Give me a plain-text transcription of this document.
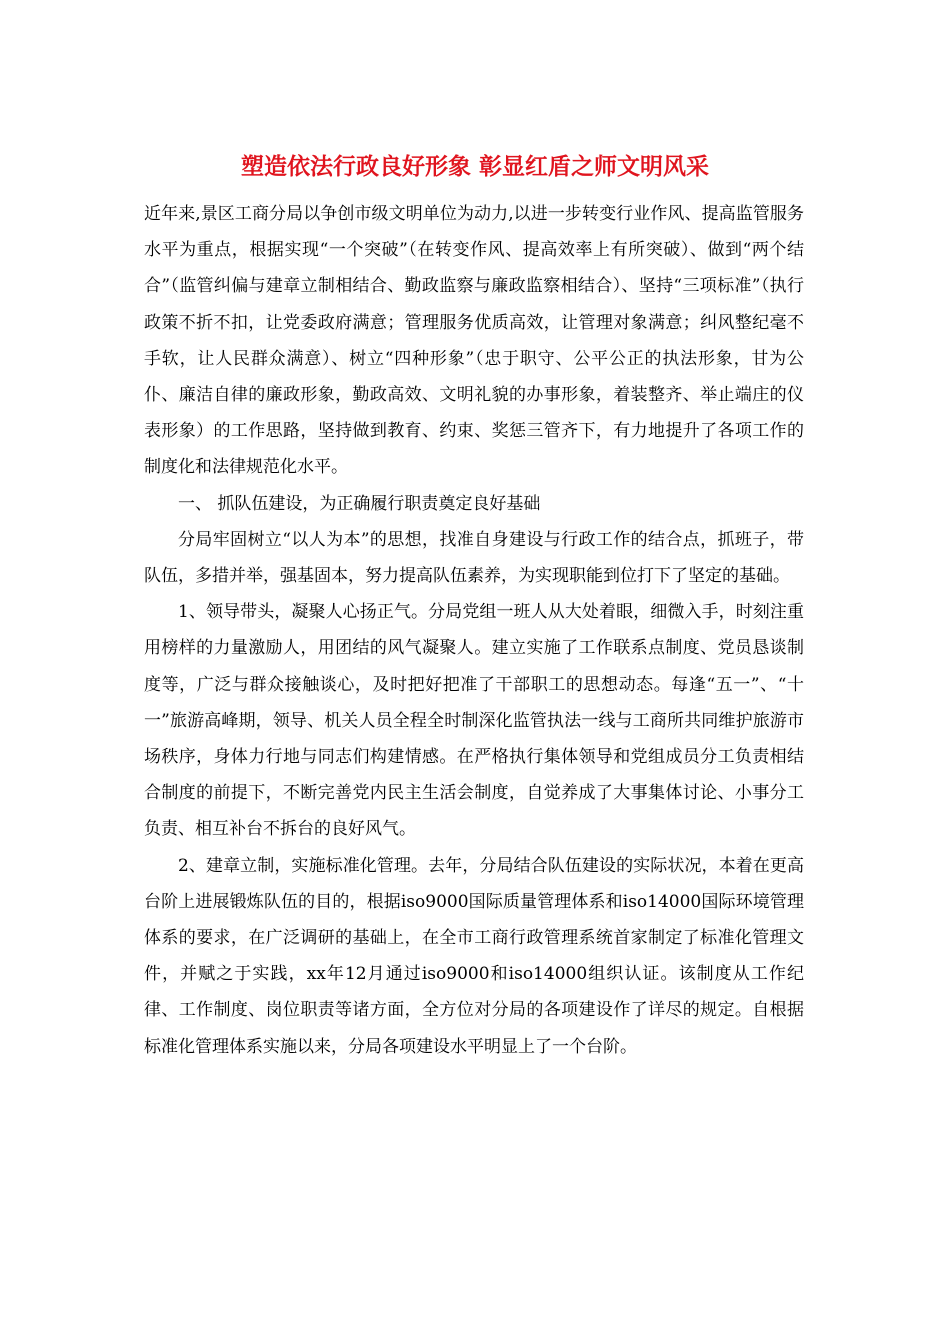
塑造依法行政良好形象 彰显红盾之师文明风采

近年来,景区工商分局以争创市级文明单位为动力,以进一步转变行业作风、提高监管服务水平为重点，根据实现“一个突破”（在转变作风、提高效率上有所突破）、做到“两个结合”（监管纠偏与建章立制相结合、勤政监察与廉政监察相结合）、坚持“三项标准”（执行政策不折不扣，让党委政府满意；管理服务优质高效，让管理对象满意；纠风整纪毫不手软，让人民群众满意）、树立“四种形象”（忠于职守、公平公正的执法形象，甘为公仆、廉洁自律的廉政形象，勤政高效、文明礼貌的办事形象，着装整齐、举止端庄的仪表形象）的工作思路，坚持做到教育、约束、奖惩三管齐下，有力地提升了各项工作的制度化和法律规范化水平。

一、 抓队伍建设，为正确履行职责奠定良好基础

分局牢固树立“以人为本”的思想，找准自身建设与行政工作的结合点，抓班子，带队伍，多措并举，强基固本，努力提高队伍素养，为实现职能到位打下了坚定的基础。

1、领导带头，凝聚人心扬正气。分局党组一班人从大处着眼，细微入手，时刻注重用榜样的力量激励人，用团结的风气凝聚人。建立实施了工作联系点制度、党员恳谈制度等，广泛与群众接触谈心，及时把好把准了干部职工的思想动态。每逢“五一”、“十一”旅游高峰期，领导、机关人员全程全时制深化监管执法一线与工商所共同维护旅游市场秩序，身体力行地与同志们构建情感。在严格执行集体领导和党组成员分工负责相结合制度的前提下，不断完善党内民主生活会制度，自觉养成了大事集体讨论、小事分工负责、相互补台不拆台的良好风气。

2、建章立制，实施标准化管理。去年，分局结合队伍建设的实际状况，本着在更高台阶上进展锻炼队伍的目的，根据iso9000国际质量管理体系和iso14000国际环境管理体系的要求，在广泛调研的基础上，在全市工商行政管理系统首家制定了标准化管理文件，并赋之于实践，xx年12月通过iso9000和iso14000组织认证。该制度从工作纪律、工作制度、岗位职责等诸方面，全方位对分局的各项建设作了详尽的规定。自根据标准化管理体系实施以来，分局各项建设水平明显上了一个台阶。
